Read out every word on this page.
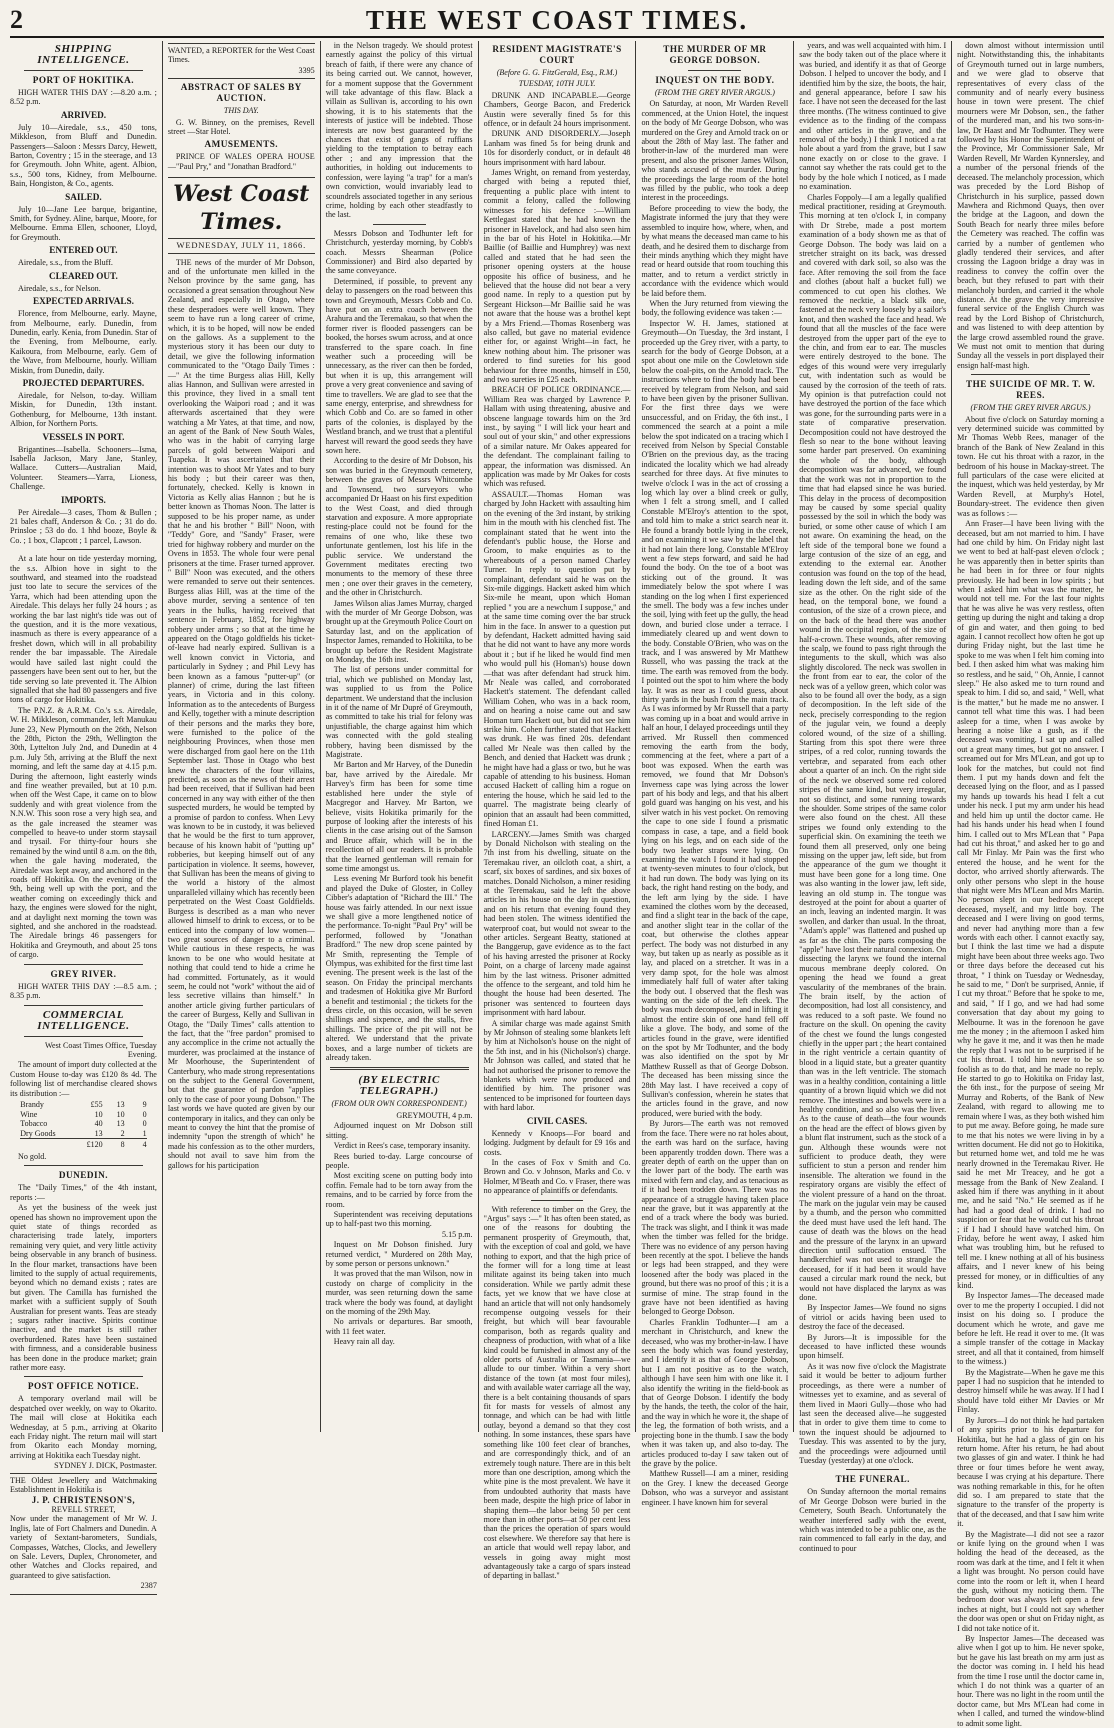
2	THE WEST COAST TIMES.
SHIPPING INTELLIGENCE.
PORT OF HOKITIKA.

HIGH WATER THIS DAY :—8.20 a.m. ; 8.52 p.m.

ARRIVED.

July 10—Airedale, s.s., 450 tons, Mikkleson, from Bluff and Dunedin. Passengers—Saloon : Messrs Darcy, Hewett, Barton, Coventry ; 15 in the steerage, and 13 for Greymouth. John White, agent. Albion, s.s., 500 tons, Kidney, from Melbourne. Bain, Hongiston, & Co., agents.

SAILED.

July 10—Jane Lee barque, brigantine, Smith, for Sydney. Aline, barque, Moore, for Melbourne. Emma Ellen, schooner, Lloyd, for Greymouth.

ENTERED OUT.

Airedale, s.s., from the Bluff.

CLEARED OUT.

Airedale, s.s., for Nelson.

EXPECTED ARRIVALS.

Florence, from Melbourne, early. Mayne, from Melbourne, early. Dunedin, from Dunedin, early. Kenia, from Dunedin. Star of the Evening, from Melbourne, early. Kaikoura, from Melbourne, early. Gem of the Wave, from Melbourne, hourly. William Miskin, from Dunedin, daily.

PROJECTED DEPARTURES.

Airedale, for Nelson, to-day. William Miskin, for Dunedin, 13th instant. Gothenburg, for Melbourne, 13th instant. Albion, for Northern Ports.

VESSELS IN PORT.

Brigantines—Isabella. Schooners—Isma, Isabella Jackson, Mary Jane, Stanley, Wallace. Cutters—Australian Maid, Volunteer. Steamers—Yarra, Lioness, Challenge.

IMPORTS.

Per Airedale—3 cases, Thom & Bullen ; 21 bales chaff, Anderson & Co. ; 31 do do. Prinsloe ; 53 do do. 1 hhd booze, Boyle & Co. ; 1 box, Clapcott ; 1 parcel, Lawson.

At a late hour on tide yesterday morning, the s.s. Albion hove in sight to the southward, and steamed into the roadstead just too late to secure the services of the Yarra, which had been attending upon the Airedale. This delays her fully 24 hours ; as working the bar last night's tide was out of the question, and it is the more vexatious, inasmuch as there is every appearance of a freshet down, which will in all probability render the bar impassable. The Airedale would have sailed last night could the passengers have been sent out to her, but the tide serving so late prevented it. The Albion signalled that she had 80 passengers and five tons of cargo for Hokitika.

The P.N.Z. & A.R.M. Co.'s s.s. Airedale, W. H. Mikkleson, commander, left Manukau June 23, New Plymouth on the 26th, Nelson the 28th, Picton the 29th, Wellington the 30th, Lyttelton July 2nd, and Dunedin at 4 p.m. July 5th, arriving at the Bluff the next morning, and left the same day at 4.15 p.m. During the afternoon, light easterly winds and fine weather prevailed, but at 10 p.m. when off the West Cape, it came on to blow suddenly and with great violence from the N.N.W. This soon rose a very high sea, and as the gale increased the steamer was compelled to heave-to under storm staysail and trysail. For thirty-four hours she remained by the wind until 8 a.m. on the 8th, when the gale having moderated, the Airedale was kept away, and anchored in the roads off Hokitika. On the evening of the 9th, being well up with the port, and the weather coming on exceedingly thick and hazy, the engines were slowed for the night, and at daylight next morning the town was sighted, and she anchored in the roadstead. The Airedale brings 46 passengers for Hokitika and Greymouth, and about 25 tons of cargo.

GREY RIVER.

HIGH WATER THIS DAY :—8.5 a.m. ; 8.35 p.m.

COMMERCIAL INTELLIGENCE.

West Coast Times Office, Tuesday Evening.

The amount of import duty collected at the Custom House to-day was £120 8s 4d. The following list of merchandise cleared shows its distribution :—

Brandy	£55	13	9
Wine	10	10	0
Tobacco	40	13	0
Dry Goods	13	2	1
	£120	8	4

No gold.

DUNEDIN.

The "Daily Times," of the 4th instant, reports :—

As yet the business of the week just opened has shown no improvement upon the quiet state of things recorded as characterising trade lately, importers remaining very quiet, and very little activity being observable in any branch of business. In the flour market, transactions have been limited to the supply of actual requirements, beyond which no demand exists ; rates are but given. The Camilla has furnished the market with a sufficient supply of South Australian for present wants. Teas are steady ; sugars rather inactive. Spirits continue inactive, and the market is still rather overburdened. Rates have been sustained with firmness, and a considerable business has been done in the produce market; grain rather more easy.

POST OFFICE NOTICE.

A temporary overland mail will be despatched over weekly, on way to Okarito. The mail will close at Hokitika each Wednesday, at 5 p.m., arriving at Okarito each Friday night. The return mail will start from Okarito each Monday morning, arriving at Hokitika each Tuesday night.

SYDNEY J. DICK, Postmaster.

THE Oldest Jewellery and Watchmaking Establishment in Hokitika is

J. P. CHRISTENSON'S,
REVELL STREET,

Now under the management of Mr W. J. Inglis, late of Fort Chalmers and Dunedin. A variety of Sextant-barometers, Sundials, Compasses, Watches, Clocks, and Jewellery on Sale. Levers, Duplex, Chronometer, and other Watches and Clocks repaired, and guaranteed to give satisfaction.

2387

WANTED, a REPORTER for the West Coast Times.

3395

ABSTRACT OF SALES BY AUCTION.
THIS DAY.

G. W. Binney, on the premises, Revell street —Star Hotel.

AMUSEMENTS.

PRINCE OF WALES OPERA HOUSE—"Paul Pry," and "Jonathan Bradford."

West Coast Times.
WEDNESDAY, JULY 11, 1866.

THE news of the murder of Mr Dobson, and of the unfortunate men killed in the Nelson province by the same gang, has occasioned a great sensation throughout New Zealand, and especially in Otago, where these desperadoes were well known. They seem to have run a long career of crime, which, it is to be hoped, will now be ended on the gallows. As a supplement to the mysterious story it has been our duty to detail, we give the following information communicated to the "Otago Daily Times :—" At the time Burgess alias Hill, Kelly alias Hannon, and Sullivan were arrested in this province, they lived in a small tent overlooking the Waipori road ; and it was afterwards ascertained that they were watching a Mr Yates, at that time, and now, an agent of the Bank of New South Wales, who was in the habit of carrying large parcels of gold between Waipori and Tuapeka. It was ascertained that their intention was to shoot Mr Yates and to bury his body ; but their career was then, fortunately, checked. Kelly is known in Victoria as Kelly alias Hannon ; but he is better known as Thomas Noon. The latter is supposed to be his proper name, as under that he and his brother " Bill" Noon, with "Teddy" Gore, and "Sandy" Fraser, were tried for highway robbery and murder on the Ovens in 1853. The whole four were penal prisoners at the time. Fraser turned approver. " Bill" Noon was executed, and the others were remanded to serve out their sentences. Burgess alias Hill, was at the time of the above murder, serving a sentence of ten years in the hulks, having received that sentence in February, 1852, for highway robbery under arms ; so that at the time he appeared on the Otago goldfields his ticket-of-leave had nearly expired. Sullivan is a well known convict in Victoria, and particularly in Sydney ; and Phil Levy has been known as a famous "putter-up" (or planner) of crime, during the last fifteen years, in Victoria and in this colony. Information as to the antecedents of Burgess and Kelly, together with a minute description of their persons and the marks they bore, were furnished to the police of the neighbouring Provinces, when those men were discharged from gaol here on the 11th September last. Those in Otago who best knew the characters of the four villains, predicted, as soon as the news of their arrest had been received, that if Sullivan had been concerned in any way with either of the then suspected murders, he would be tempted by a promise of pardon to confess. When Levy was known to be in custody, it was believed that he would be the first to turn approver, because of his known habit of "putting up" robberies, but keeping himself out of any participation in violence. It seems, however, that Sullivan has been the means of giving to the world a history of the almost unparalleled villainy which has recently been perpetrated on the West Coast Goldfields. Burgess is described as a man who never allowed himself to drink to excess, or to be enticed into the company of low women—two great sources of danger to a criminal. While cautious in these respects, he was known to be one who would hesitate at nothing that could tend to hide a crime he had committed. Fortunately, as it would seem, he could not "work" without the aid of less secretive villains than himself." In another article giving further particulars of the career of Burgess, Kelly and Sullivan in Otago, the "Daily Times" calls attention to the fact, that the "free pardon" promised to any accomplice in the crime not actually the murderer, was proclaimed at the instance of Mr Moorhouse, the Superintendent of Canterbury, who made strong representations on the subject to the General Government, but that the guarantee of pardon "applies only to the case of poor young Dobson." The last words we have quoted are given by our contemporary in italics, and they can only be meant to convey the hint that the promise of indemnity "upon the strength of which" he made his confession as to the other murders, should not avail to save him from the gallows for his participation

in the Nelson tragedy. We should protest earnestly against the policy of this virtual breach of faith, if there were any chance of its being carried out. We cannot, however, for a moment suppose that the Government will take advantage of this flaw. Black a villain as Sullivan is, according to his own showing, it is to his statements that the interests of justice will be indebted. Those interests are now best guaranteed by the chances that exist of gangs of ruffians yielding to the temptation to betray each other ; and any impression that the authorities, in holding out inducements to confession, were laying "a trap" for a man's own conviction, would invariably lead to scoundrels associated together in any serious crime, holding by each other steadfastly to the last.

Messrs Dobson and Todhunter left for Christchurch, yesterday morning, by Cobb's coach. Messrs Shearman (Police Commissioner) and Bird also departed by the same conveyance.

Determined, if possible, to prevent any delay to passengers on the road between this town and Greymouth, Messrs Cobb and Co. have put on an extra coach between the Arahura and the Teremakau, so that when the former river is flooded passengers can be booked, the horses swum across, and at once transferred to the spare coach. In fine weather such a proceeding will be unnecessary, as the river can then be forded, but when it is up, this arrangement will prove a very great convenience and saving of time to travellers. We are glad to see that the same energy, enterprise, and shrewdness for which Cobb and Co. are so famed in other parts of the colonies, is displayed by the Westland branch, and we trust that a plentiful harvest will reward the good seeds they have sown here.

According to the desire of Mr Dobson, his son was buried in the Greymouth cemetery, between the graves of Messrs Whitcombe and Townsend, two surveyors who accompanied Dr Haast on his first expedition to the West Coast, and died through starvation and exposure. A more appropriate resting-place could not be found for the remains of one who, like these two unfortunate gentlemen, lost his life in the public service. We understand the Government meditates erecting two monuments to the memory of these three men ; one over their graves in the cemetery, and the other in Christchurch.

James Wilson alias James Murray, charged with the murder of Mr George Dobson, was brought up at the Greymouth Police Court on Saturday last, and on the application of Inspector James, remanded to Hokitika, to be brought up before the Resident Magistrate on Monday, the 16th inst.

The list of persons under committal for trial, which we published on Monday last, was supplied to us from the Police department. We understand that the inclusion in it of the name of Mr Dupré of Greymouth, as committed to take his trial for felony was unjustifiable, the charge against him which was connected with the gold stealing robbery, having been dismissed by the Magistrate.

Mr Barton and Mr Harvey, of the Dunedin bar, have arrived by the Airedale. Mr Harvey's firm has been for some time established here under the style of Macgregor and Harvey. Mr Barton, we believe, visits Hokitika primarily for the purpose of looking after the interests of his clients in the case arising out of the Samson and Bruce affair, which will be in the recollection of all our readers. It is probable that the learned gentleman will remain for some time amongst us.

Less evening Mr Burford took his benefit and played the Duke of Gloster, in Colley Cibber's adaptation of "Richard the III." The house was fairly attended. In our next issue we shall give a more lengthened notice of the performance. To-night "Paul Pry" will be performed, followed by "Jonathan Bradford." The new drop scene painted by Mr Smith, representing the Temple of Olympus, was exhibited for the first time last evening. The present week is the last of the season. On Friday the principal merchants and tradesmen of Hokitika give Mr Burford a benefit and testimonial ; the tickets for the dress circle, on this occasion, will be seven shillings and sixpence, and the stalls, five shillings. The price of the pit will not be altered. We understand that the private boxes, and a large number of tickets are already taken.

(BY ELECTRIC TELEGRAPH.)
(FROM OUR OWN CORRESPONDENT.)

GREYMOUTH, 4 p.m.

Adjourned inquest on Mr Dobson still sitting.

Verdict in Rees's case, temporary insanity.

Rees buried to-day. Large concourse of people.

Most exciting scene on putting body into coffin. Female had to be torn away from the remains, and to be carried by force from the room.

Superintendent was receiving deputations up to half-past two this morning.

5.15 p.m.

Inquest on Mr Dobson finished. Jury returned verdict, " Murdered on 28th May, by some person or persons unknown."

It was proved that the man Wilson, now in custody on charge of complicity in the murder, was seen returning down the same track where the body was found, at daylight on the morning of the 29th May.

No arrivals or departures. Bar smooth, with 11 feet water.

Heavy rain all day.

RESIDENT MAGISTRATE'S COURT
(Before G. G. FitzGerald, Esq., R.M.)
TUESDAY, 10TH JULY.

DRUNK AND INCAPABLE.—George Chambers, George Bacon, and Frederick Austin were severally fined 5s for this offence, or in default 24 hours imprisonment.

DRUNK AND DISORDERLY.—Joseph Lanham was fined 5s for being drunk and 10s for disorderly conduct, or in default 48 hours imprisonment with hard labour.

James Wright, on remand from yesterday, charged with being a reputed thief, frequenting a public place with intent to commit a felony, called the following witnesses for his defence :—William Kettlegast stated that he had known the prisoner in Havelock, and had also seen him in the bar of his Hotel in Hokitika.—Mr Baillie (of Baillie and Humphrey) was next called and stated that he had seen the prisoner opening oysters at the house opposite his office of business, and he believed that the house did not bear a very good name. In reply to a question put by Sergeant Hickson—Mr Baillie said he was not aware that the house was a brothel kept by a Mrs Friend.—Thomas Rosenberg was also called, but gave no material evidence either for, or against Wright—in fact, he knew nothing about him. The prisoner was ordered to find sureties for his good behaviour for three months, himself in £50, and two sureties in £25 each.

BREACH OF POLICE ORDINANCE.—William Rea was charged by Lawrence P. Hallam with using threatening, abusive and obscene language towards him on the 3rd inst., by saying " I will lick your heart and soul out of your skin," and other expressions of a similar nature. Mr Oakes appeared for the defendant. The complainant failing to appear, the information was dismissed. An application was made by Mr Oakes for costs which was refused.

ASSAULT.—Thomas Homan was charged by John Hackett with assaulting him on the evening of the 3rd instant, by striking him in the mouth with his clenched fist. The complainant stated that he went into the defendant's public house, the Horse and Groom, to make enquiries as to the whereabouts of a person named Charley Turner. In reply to question put by complainant, defendant said he was on the Six-mile diggings. Hackett asked him which Six-mile he meant, upon which Homan replied " you are a newchum I suppose," and at the same time coming over the bar struck him in the face. In answer to a question put by defendant, Hackett admitted having said that he did not want to have any more words about it ; but if he liked he would find men who would pull his (Homan's) house down—that was after defendant had struck him. Mr Neale was called, and corroborated Hackett's statement. The defendant called William Cohen, who was in a back room, and on hearing a noise came out and saw Homan turn Hackett out, but did not see him strike him. Cohen further stated that Hackett was drunk. He was fined 20s. defendant called Mr Neale was then called by the Bench, and denied that Hackett was drunk ; he might have had a glass or two, but he was capable of attending to his business. Homan accused Hackett of calling him a rogue on entering the house, which he said led to the quarrel. The magistrate being clearly of opinion that an assault had been committed, fined Homan £1.

LARCENY.—James Smith was charged by Donald Nicholson with stealing on the 7th inst from his dwelling, situate on the Teremakau river, an oilcloth coat, a shirt, a scarf, six boxes of sardines, and six boxes of matches. Donald Nicholson, a miner residing at the Teremakau, said he left the above articles in his house on the day in question, and on his return that evening found they had been stolen. The witness identified the waterproof coat, but would not swear to the other articles. Sergeant Beatty, stationed at the Banggerup, gave evidence as to the fact of his having arrested the prisoner at Rocky Point, on a charge of larceny made against him by the last witness. Prisoner admitted the offence to the sergeant, and told him he thought the house had been deserted. The prisoner was sentenced to fourteen days imprisonment with hard labour.

A similar charge was made against Smith by Mr Johnson of stealing some blankets left by him at Nicholson's house on the night of the 5th inst, and in his (Nicholson's) charge. Mr Johnson was called, and stated that he had not authorised the prisoner to remove the blankets which were now produced and identified by him. The prisoner was sentenced to be imprisoned for fourteen days with hard labor.

CIVIL CASES.

Kennedy v Knoops—For board and lodging. Judgment by default for £9 16s and costs.

In the cases of Fox v Smith and Co. Brown and Co. v Johnson, Marks and Co. v Holmer, M'Beath and Co. v Fraser, there was no appearance of plaintiffs or defendants.

With reference to timber on the Grey, the "Argus" says :—" It has often been stated, as one of the reasons for doubting the permanent prosperity of Greymouth, that, with the exception of coal and gold, we have nothing to export, and that the high price of the former will for a long time at least militate against its being taken into much consideration. While we partly admit these facts, yet we know that we have close at hand an article that will not only handsomely recompense outgoing vessels for their freight, but which will bear favourable comparison, both as regards quality and cheapness of production, with what of a like kind could be furnished in almost any of the older ports of Australia or Tasmania—we allude to our timber. Within a very short distance of the town (at most four miles), and with available water carriage all the way, there is a belt containing thousands of spars fit for masts for vessels of almost any tonnage, and which can be had with little outlay, beyond a demand so that they cost nothing. In some instances, these spars have something like 100 feet clear of branches, and are correspondingly thick, and of an extremely tough nature. There are in this belt more than one description, among which the white pine is the most prevalent. We have it from undoubted authority that masts have been made, despite the high price of labor in shaping them—the labor being 50 per cent more than in other ports—at 50 per cent less than the prices the operation of spars would cost elsewhere. We therefore say that here is an article that would well repay labor, and vessels in going away might most advantageously take a cargo of spars instead of departing in ballast."

THE MURDER OF MR GEORGE DOBSON.
INQUEST ON THE BODY.
(FROM THE GREY RIVER ARGUS.)

On Saturday, at noon, Mr Warden Revell commenced, at the Union Hotel, the inquest on the body of Mr George Dobson, who was murdered on the Grey and Arnold track on or about the 28th of May last. The father and brother-in-law of the murdered man were present, and also the prisoner James Wilson, who stands accused of the murder. During the proceedings the large room of the hotel was filled by the public, who took a deep interest in the proceedings.

Before proceeding to view the body, the Magistrate informed the jury that they were assembled to inquire how, where, when, and by what means the deceased man came to his death, and he desired them to discharge from their minds anything which they might have read or heard outside that room touching this matter, and to return a verdict strictly in accordance with the evidence which would be laid before them.

When the Jury returned from viewing the body, the following evidence was taken :—

Inspector W. H. James, stationed at Greymouth—On Tuesday, the 3rd instant, I proceeded up the Grey river, with a party, to search for the body of George Dobson, at a spot about one mile on the Cowletown side below the coal-pits, on the Arnold track. The instructions where to find the body had been received by telegram from Nelson, and said to have been given by the prisoner Sullivan. For the first three days we were unsuccessful, and on Friday, the 6th inst., I commenced the search at a point a mile below the spot indicated on a tracing which I received from Nelson by Special Constable O'Brien on the previous day, as the tracing indicated the locality which we had already searched for three days. At five minutes to twelve o'clock I was in the act of crossing a log which lay over a blind creek or gully, when I felt a strong smell, and I called Constable M'Elroy's attention to the spot, and told him to make a strict search near it. He found a brandy bottle lying in the creek, and on examining it we saw by the label that it had not lain there long. Constable M'Elroy went a few steps forward, and said he had found the body. On the toe of a boot was sticking out of the ground. It was immediately below the spot where I was standing on the log when I first experienced the smell. The body was a few inches under the soil, lying with feet up the gully, the head down, and buried close under a terrace. I immediately cleared up and went down to the body. Constable O'Brien, who was on the track, and I was answered by Mr Matthew Russell, who was passing the track at the time. The earth was removed from the body. I pointed out the spot to him where the body lay. It was as near as I could guess, about thirty yards in the bush from the main track. As I was informed by Mr Russell that a party was coming up in a boat and would arrive in half an hour, I delayed proceedings until they arrived. Mr Russell then commenced removing the earth from the body, commencing at the feet, where a part of a boot was exposed. When the earth was removed, we found that Mr Dobson's Inverness cape was lying across the lower part of his body and legs, and that his albert gold guard was hanging on his vest, and his silver watch in his vest pocket. On removing the cape to one side I found a prismatic compass in case, a tape, and a field book lying on his legs, and on each side of the body two leather straps were lying. On examining the watch I found it had stopped at twenty-seven minutes to four o'clock, but it had run down. The body was lying on its back, the right hand resting on the body, and the left arm lying by the side. I have examined the clothes worn by the deceased, and find a slight tear in the back of the cape, and another slight tear in the collar of the coat, but otherwise the clothes appear perfect. The body was not disturbed in any way, but taken up as nearly as possible as it lay, and placed on a stretcher. It was in a very damp spot, for the hole was almost immediately half full of water after taking the body out. I observed that the flesh was wanting on the side of the left cheek. The body was much decomposed, and in lifting it almost the entire skin of one hand fell off like a glove. The body, and some of the articles found in the grave, were identified on the spot by Mr Todhunter, and the body was also identified on the spot by Mr Matthew Russell as that of George Dobson. The deceased has been missing since the 28th May last. I have received a copy of Sullivan's confession, wherein he states that the articles found in the grave, and now produced, were buried with the body.

By Jurors—The earth was not removed from the face. There were no rat holes about, the earth was hard on the surface, having been apparently trodden down. There was a greater depth of earth on the upper than on the lower part of the body. The earth was mixed with fern and clay, and as tenacious as if it had been trodden down. There was no appearance of a struggle having taken place near the grave, but it was apparently at the end of a track where the body was buried. The track was slight, and I think it was made when the timber was felled for the bridge. There was no evidence of any person having been recently at the spot. I believe the hands or legs had been strapped, and they were loosened after the body was placed in the ground, but there was no proof of this ; it is a surmise of mine. The strap found in the grave have not been identified as having belonged to George Dobson.

Charles Franklin Todhunter—I am a merchant in Christchurch, and knew the deceased, who was my brother-in-law. I have seen the body which was found yesterday, and I identify it as that of George Dobson, but I am not positive as to the watch, although I have seen him with one like it. I also identify the writing in the field-book as that of George Dobson. I identify the body by the hands, the teeth, the color of the hair, and the way in which he wore it, the shape of the leg, the formation of both wrists, and a projecting bone in the thumb. I saw the body when it was taken up, and also to-day. The articles produced to-day I saw taken out of the grave by the police.

Matthew Russell—I am a miner, residing on the Grey. I knew the deceased George Dobson, who was a surveyor and assistant engineer. I have known him for several

years, and was well acquainted with him. I saw the body taken out of the place where it was buried, and identify it as that of George Dobson. I helped to uncover the body, and I identified him by the size, the boots, the hair, and general appearance, before I saw his face. I have not seen the deceased for the last three months. (The witness continued to give evidence as to the finding of the compass and other articles in the grave, and the removal of the body.) I think I noticed a rat hole about a yard from the grave, but I saw none exactly on or close to the grave. I cannot say whether the rats could get to the body by the hole which I noticed, as I made no examination.

Charles Foppoly—I am a legally qualified medical practitioner, residing at Greymouth. This morning at ten o'clock I, in company with Dr Strebe, made a post mortem examination of a body shown me as that of George Dobson. The body was laid on a stretcher straight on its back, was dressed and covered with dark soil, so also was the face. After removing the soil from the face and clothes (about half a bucket full) we commenced to cut open his clothes. We removed the necktie, a black silk one, fastened at the neck very loosely by a sailor's knot, and then washed the face and head. We found that all the muscles of the face were destroyed from the upper part of the eye to the chin, and from ear to ear. The muscles were entirely destroyed to the bone. The edges of this wound were very irregularly cut, with indentation such as would be caused by the corrosion of the teeth of rats. My opinion is that putrefaction could not have destroyed the portion of the face which was gone, for the surrounding parts were in a state of comparative preservation. Decomposition could not have destroyed the flesh so near to the bone without leaving some harder part preserved. On examining the whole of the body, although decomposition was far advanced, we found that the work was not in proportion to the time that had elapsed since he was buried. This delay in the process of decomposition may be caused by some special quality possessed by the soil in which the body was buried, or some other cause of which I am not aware. On examining the head, on the left side of the temporal bone we found a large contusion of the size of an egg, and extending to the external ear. Another contusion was found on the top of the head, leading down the left side, and of the same size as the other. On the right side of the head, on the temporal bone, we found a contusion, of the size of a crown piece, and on the back of the head there was another wound in the occipital region, of the size of half-a-crown. These wounds, after removing the scalp, we found to pass right through the integuments to the skull, which was also slightly discolored. The neck was swollen in the front from ear to ear, the color of the neck was of a yellow green, which color was also to be found all over the body, as a sign of decomposition. In the left side of the neck, precisely corresponding to the region of the jugular vein, we found a deeply colored wound, of the size of a shilling. Starting from this spot there were three stripes, of a red color, running towards the vertebræ, and separated from each other about a quarter of an inch. On the right side of the neck we observed some red colored stripes of the same kind, but very irregular, not so distinct, and some running towards the shoulder. Some stripes of the same color were also found on the chest. All these stripes we found only extending to the superficial skin. On examining the teeth we found them all preserved, only one being missing on the upper jaw, left side, but from the appearance of the gum we thought it must have been gone for a long time. One was also wanting in the lower jaw, left side, leaving an old stump in. The tongue was destroyed at the point for about a quarter of an inch, leaving an indented margin. It was swollen, and darker than usual. In the throat, "Adam's apple" was flattened and pushed up as far as the chin. The parts composing the "apple" have lost their natural connexion. On dissecting the larynx we found the internal mucous membrane deeply colored. On opening the head we found a great vascularity of the membranes of the brain. The brain itself, by the action of decomposition, had lost all consistency, and was reduced to a soft paste. We found no fracture on the skull. On opening the cavity of the chest we found the lungs congested chiefly in the upper part ; the heart contained in the right ventricle a certain quantity of blood in a liquid state, but a greater quantity than was in the left ventricle. The stomach was in a healthy condition, containing a little quantity of a brown liquid which we did not remove. The intestines and bowels were in a healthy condition, and so also was the liver. As to the cause of death—the four wounds on the head are the effect of blows given by a blunt flat instrument, such as the stock of a gun. Although these wounds were not sufficient to produce death, they were sufficient to stun a person and render him insensible. The alteration we found in the respiratory organs are visibly the effect of the violent pressure of a hand on the throat. The mark on the jugular vein may be caused by a thumb, and the person who committed the deed must have used the left hand. The cause of death was the blows on the head and the pressure of the larynx in an upward direction until suffocation ensued. The handkerchief was not used to strangle the deceased, for if it had been it would have caused a circular mark round the neck, but would not have displaced the larynx as was done.

By Inspector James—We found no signs of vitriol or acids having been used to destroy the face of the deceased.

By Jurors—It is impossible for the deceased to have inflicted these wounds upon himself.

As it was now five o'clock the Magistrate said it would be better to adjourn further proceedings, as there were a number of witnesses yet to examine, and as several of them lived in Maori Gully—those who had last seen the deceased alive—he suggested that in order to give them time to come to town the inquest should be adjourned to Tuesday. This was assented to by the jury, and the proceedings were adjourned until Tuesday (yesterday) at one o'clock.

THE FUNERAL.

On Sunday afternoon the mortal remains of Mr George Dobson were buried in the Cemetery, South Beach. Unfortunately the weather interfered sadly with the event, which was intended to be a public one, as the rain commenced to fall early in the day, and continued to pour

down almost without intermission until night. Notwithstanding this, the inhabitants of Greymouth turned out in large numbers, and we were glad to observe that representatives of every class of the community and of nearly every business house in town were present. The chief mourners were Mr Dobson, sen., the father of the murdered man, and his two sons-in-law, Dr Haast and Mr Todhunter. They were followed by his Honor the Superintendent of the Province, Mr Commissioner Sale, Mr Warden Revell, Mr Warden Kynnersley, and a number of the personal friends of the deceased. The melancholy procession, which was preceded by the Lord Bishop of Christchurch in his surplice, passed down Mawhera and Richmond Quays, then over the bridge at the Lagoon, and down the South Beach for nearly three miles before the Cemetery was reached. The coffin was carried by a number of gentlemen who gladly tendered their services, and after crossing the Lagoon bridge a dray was in readiness to convey the coffin over the beach, but they refused to part with their melancholy burden, and carried it the whole distance. At the grave the very impressive funeral service of the English Church was read by the Lord Bishop of Christchurch, and was listened to with deep attention by the large crowd assembled round the grave. We must not omit to mention that during Sunday all the vessels in port displayed their ensign half-mast high.

THE SUICIDE OF MR. T. W. REES.
(FROM THE GREY RIVER ARGUS.)

About five o'clock on Saturday morning a very determined suicide was committed by Mr Thomas Webb Rees, manager of the branch of the Bank of New Zealand in this town. He cut his throat with a razor, in the bedroom of his house in Mackay-street. The full particulars of the case were elicited at the inquest, which was held yesterday, by Mr Warden Revell, at Murphy's Hotel, Boundary-street. The evidence then given was as follows :—

Ann Fraser—I have been living with the deceased, but am not married to him. I have had one child by him. On Friday night last we went to bed at half-past eleven o'clock ; he was apparently then in better spirits than he had been in for three or four nights previously. He had been in low spirits ; but when I asked him what was the matter, he would not tell me. For the last four nights that he was alive he was very restless, often getting up during the night and taking a drop of gin and water, and then going to bed again. I cannot recollect how often he got up during Friday night, but the last time he spoke to me was when I felt him coming into bed. I then asked him what was making him so restless, and he said, " Oh, Annie, I cannot sleep." He also asked me to turn round and speak to him. I did so, and said, " Well, what is the matter," but he made me no answer. I cannot tell what time this was. I had been asleep for a time, when I was awoke by hearing a noise like a gush, as if the deceased was vomiting. I sat up and called out a great many times, but got no answer. I screamed out for Mrs M'Lean, and got up to look for the matches, but could not find them. I put my hands down and felt the deceased lying on the floor, and as I passed my hands up towards his head I felt a cut under his neck. I put my arm under his head and held him up until the doctor came. He had his hands under his head when I found him. I called out to Mrs M'Lean that " Papa had cut his throat," and asked her to go and call Mr Finlay. Mr Pain was the first who entered the house, and he went for the doctor, who arrived shortly afterwards. The only other persons who slept in the house that night were Mrs M'Lean and Mrs Martin. No person slept in our bedroom except deceased, myself, and my little boy. The deceased and I were living on good terms, and never had anything more than a few words with each other. I cannot exactly say, but I think the last time we had a dispute might have been about three weeks ago. Two or three days before the deceased cut his throat, " I think on Tuesday or Wednesday, he said to me, " Don't be surprised, Annie, if I cut my throat." Before that he spoke to me, and said, " If I go, and we had had some conversation that day about my going to Melbourne. It was in the forenoon he gave me the money ; in the afternoon I asked him why he gave it me, and it was then he made the reply that I was not to be surprised if he cut his throat. I told him never to be so foolish as to do that, and he made no reply. He started to go to Hokitika on Friday last, the 6th inst., for the purpose of seeing Mr Murray and Roberts, of the Bank of New Zealand, with regard to allowing me to remain where I was, as they both wished him to put me away. Before going, he made sure to me that his notes we were living in by a written document. He did not go to Hokitika, but returned home wet, and told me he was nearly drowned in the Teremakau River. He said he met Mr Treacey, and he got a message from the Bank of New Zealand. I asked him if there was anything in it about me, and he said "No." He seemed as if he had had a good deal of drink. I had no suspicion or fear that he would cut his throat ; if I had I should have watched him. On Friday, before he went away, I asked him what was troubling him, but he refused to tell me. I knew nothing at all of his business affairs, and I never knew of his being pressed for money, or in difficulties of any kind.

By Inspector James—The deceased made over to me the property I occupied. I did not insist on his doing so. I produce the document which he wrote, and gave me before he left. He read it over to me. (It was a simple transfer of the cottage in Mackay street, and all that it contained, from himself to the witness.)

By the Magistrate—When he gave me this paper I had no suspicion that he intended to destroy himself while he was away. If I had I should have told either Mr Davies or Mr Finlay.

By Jurors—I do not think he had partaken of any spirits prior to his departure for Hokitika, but he had a glass of gin on his return home. After his return, he had about two glasses of gin and water. I think he had three or four times before he went away, because I was crying at his departure. There was nothing remarkable in this, for he often did so. I am prepared to state that the signature to the transfer of the property is that of the deceased, and that I saw him write it.

By the Magistrate—I did not see a razor or knife lying on the ground when I was holding the head of the deceased, as the room was dark at the time, and I felt it when a light was brought. No person could have come into the room or left it, when I heard the gush, without my noticing them. The bedroom door was always left open a few inches at night, but I could not say whether the door was open or shut on Friday night, as I did not take notice of it.

By Inspector James—The deceased was alive when I got up to him. He never spoke, but he gave his last breath on my arm just as the doctor was coming in. I held his head from the time I rose until the doctor came in, which I do not think was a quarter of an hour. There was no light in the room until the doctor came, but Mrs M'Lean had come in when I called, and turned the window-blind to admit some light.
